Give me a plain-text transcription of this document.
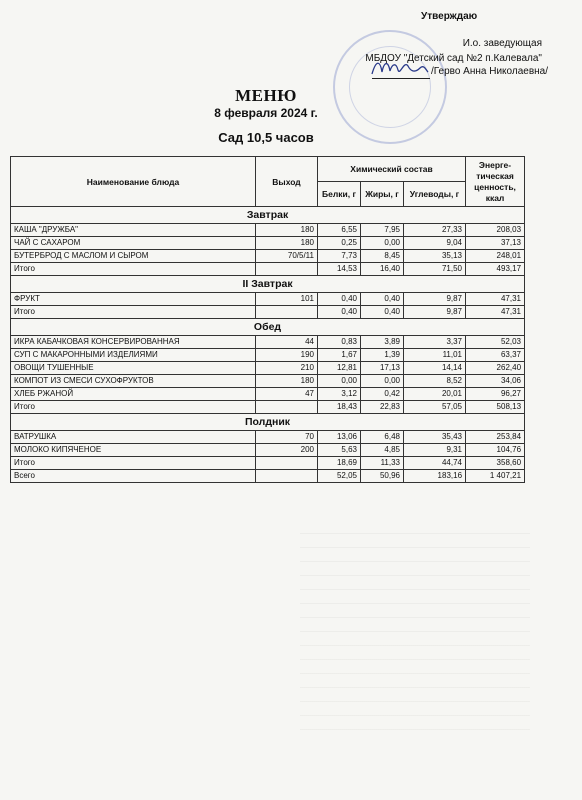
Утверждаю
И.о. заведующая
МБДОУ "Детский сад №2 п.Калевала"
/Герво Анна Николаевна/
МЕНЮ
8 февраля 2024 г.
Сад 10,5 часов
Наименование блюда	Выход	Химический состав			Энерге-тическая ценность, ккал
		Белки, г	Жиры, г	Углеводы, г	
Завтрак					
КАША "ДРУЖБА"	180	6,55	7,95	27,33	208,03
ЧАЙ С САХАРОМ	180	0,25	0,00	9,04	37,13
БУТЕРБРОД С МАСЛОМ И СЫРОМ	70/5/11	7,73	8,45	35,13	248,01
Итого		14,53	16,40	71,50	493,17
II Завтрак					
ФРУКТ	101	0,40	0,40	9,87	47,31
Итого		0,40	0,40	9,87	47,31
Обед					
ИКРА КАБАЧКОВАЯ КОНСЕРВИРОВАННАЯ	44	0,83	3,89	3,37	52,03
СУП С МАКАРОННЫМИ ИЗДЕЛИЯМИ	190	1,67	1,39	11,01	63,37
ОВОЩИ ТУШЕННЫЕ	210	12,81	17,13	14,14	262,40
КОМПОТ ИЗ СМЕСИ СУХОФРУКТОВ	180	0,00	0,00	8,52	34,06
ХЛЕБ РЖАНОЙ	47	3,12	0,42	20,01	96,27
Итого		18,43	22,83	57,05	508,13
Полдник					
ВАТРУШКА	70	13,06	6,48	35,43	253,84
МОЛОКО КИПЯЧЕНОЕ	200	5,63	4,85	9,31	104,76
Итого		18,69	11,33	44,74	358,60
Всего		52,05	50,96	183,16	1 407,21
